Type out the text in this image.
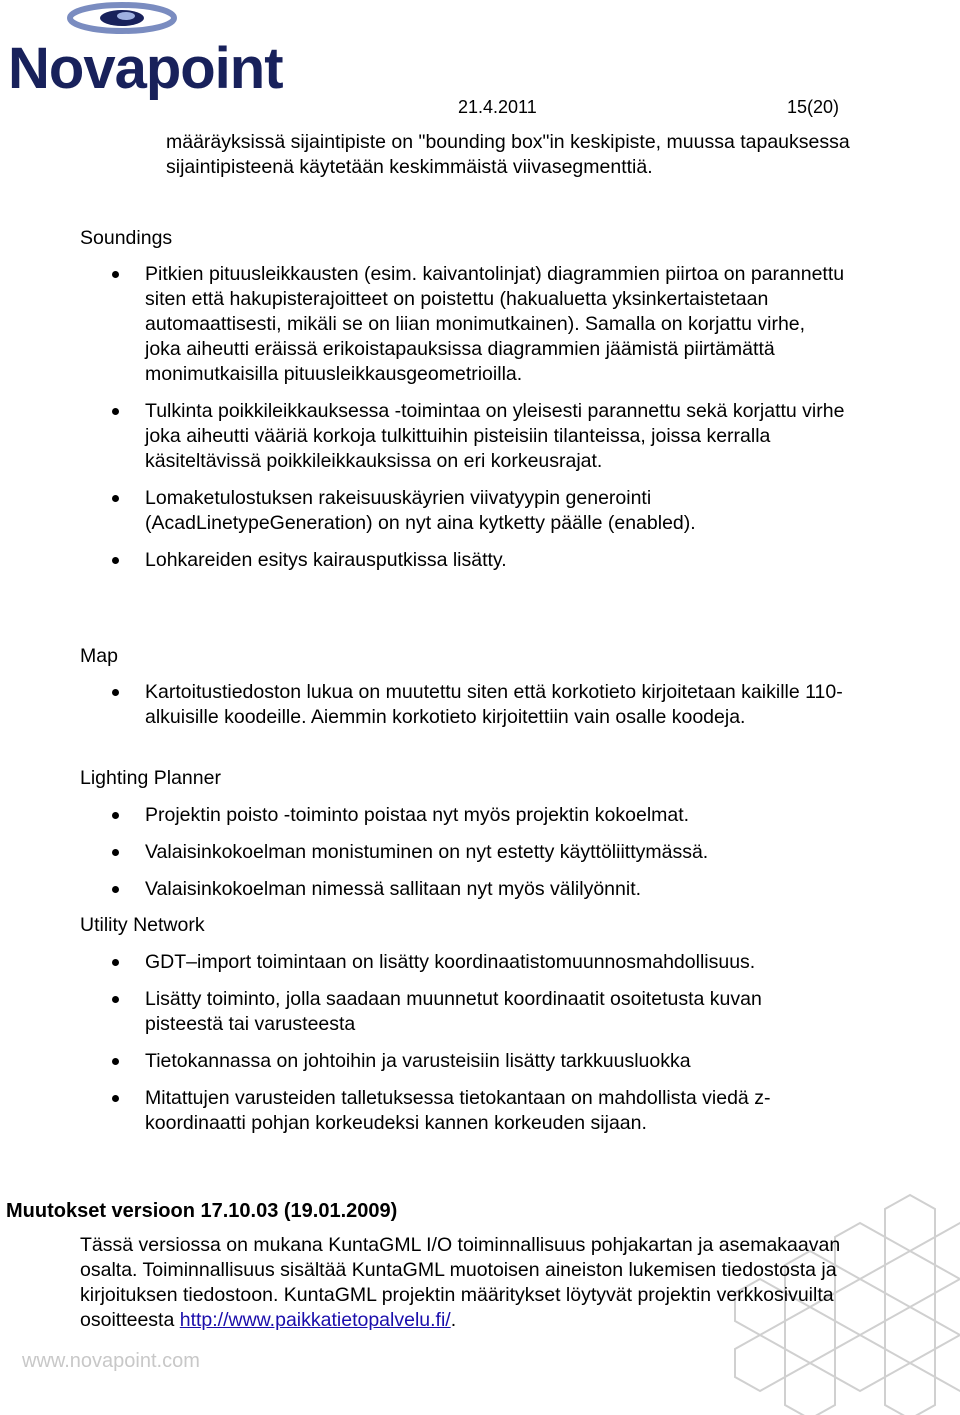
Novapoint
21.4.2011	15(20)
määräyksissä sijaintipiste on "bounding box"in keskipiste, muussa tapauksessa sijaintipisteenä käytetään keskimmäistä viivasegmenttiä.
Soundings
Pitkien pituusleikkausten (esim. kaivantolinjat) diagrammien piirtoa on parannettu siten että hakupisterajoitteet on poistettu (hakualuetta yksinkertaistetaan automaattisesti, mikäli se on liian monimutkainen). Samalla on korjattu virhe, joka aiheutti eräissä erikoistapauksissa diagrammien jäämistä piirtämättä monimutkaisilla pituusleikkausgeometrioilla.
Tulkinta poikkileikkauksessa -toimintaa on yleisesti parannettu sekä korjattu virhe joka aiheutti vääriä korkoja tulkittuihin pisteisiin tilanteissa, joissa kerralla käsiteltävissä poikkileikkauksissa on eri korkeusrajat.
Lomaketulostuksen rakeisuuskäyrien viivatyypin generointi (AcadLinetypeGeneration) on nyt aina kytketty päälle (enabled).
Lohkareiden esitys kairausputkissa lisätty.
Map
Kartoitustiedoston lukua on muutettu siten että korkotieto kirjoitetaan kaikille 110-alkuisille koodeille. Aiemmin korkotieto kirjoitettiin vain osalle koodeja.
Lighting Planner
Projektin poisto -toiminto poistaa nyt myös projektin kokoelmat.
Valaisinkokoelman monistuminen on nyt estetty käyttöliittymässä.
Valaisinkokoelman nimessä sallitaan nyt myös välilyönnit.
Utility Network
GDT–import toimintaan on lisätty koordinaatistomuunnosmahdollisuus.
Lisätty toiminto, jolla saadaan muunnetut koordinaatit osoitetusta kuvan pisteestä tai varusteesta
Tietokannassa on johtoihin ja varusteisiin lisätty tarkkuusluokka
Mitattujen varusteiden talletuksessa tietokantaan on mahdollista viedä z-koordinaatti pohjan korkeudeksi kannen korkeuden sijaan.
Muutokset versioon 17.10.03 (19.01.2009)
Tässä versiossa on mukana KuntaGML I/O toiminnallisuus pohjakartan ja asemakaavan osalta. Toiminnallisuus sisältää KuntaGML muotoisen aineiston lukemisen tiedostosta ja kirjoituksen tiedostoon. KuntaGML projektin määritykset löytyvät projektin verkkosivuilta osoitteesta http://www.paikkatietopalvelu.fi/.
www.novapoint.com
